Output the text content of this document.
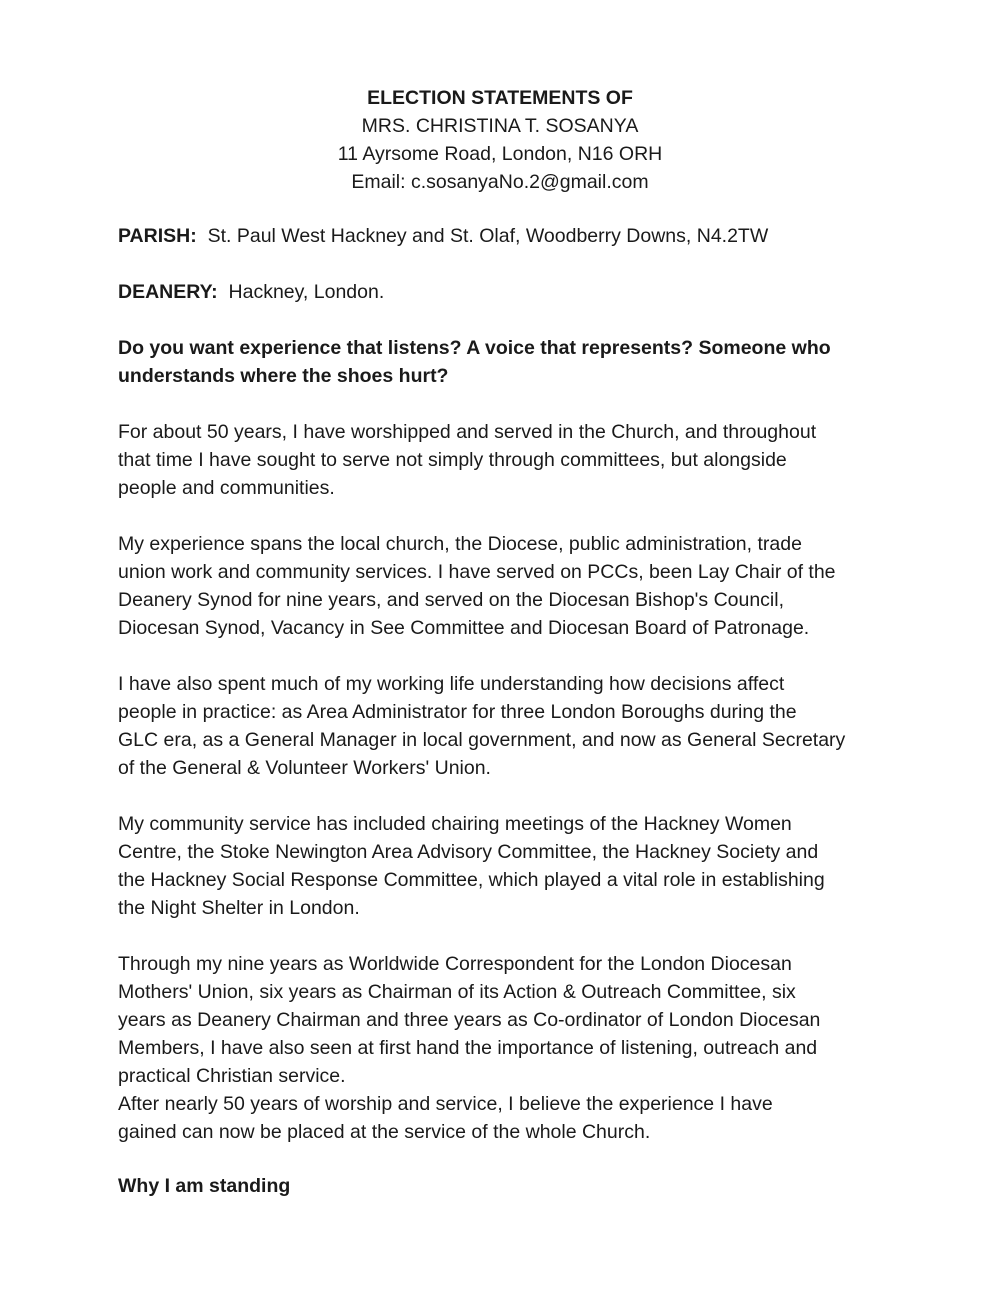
ELECTION STATEMENTS OF
MRS. CHRISTINA T. SOSANYA
11 Ayrsome Road, London, N16 ORH
Email: c.sosanyaNo.2@gmail.com

PARISH: St. Paul West Hackney and St. Olaf, Woodberry Downs, N4.2TW

DEANERY: Hackney, London.

Do you want experience that listens? A voice that represents? Someone who

understands where the shoes hurt?

For about 50 years, I have worshipped and served in the Church, and throughout

that time I have sought to serve not simply through committees, but alongside

people and communities.

My experience spans the local church, the Diocese, public administration, trade

union work and community services. I have served on PCCs, been Lay Chair of the

Deanery Synod for nine years, and served on the Diocesan Bishop's Council,

Diocesan Synod, Vacancy in See Committee and Diocesan Board of Patronage.

I have also spent much of my working life understanding how decisions affect

people in practice: as Area Administrator for three London Boroughs during the

GLC era, as a General Manager in local government, and now as General Secretary

of the General & Volunteer Workers' Union.

My community service has included chairing meetings of the Hackney Women

Centre, the Stoke Newington Area Advisory Committee, the Hackney Society and

the Hackney Social Response Committee, which played a vital role in establishing

the Night Shelter in London.

Through my nine years as Worldwide Correspondent for the London Diocesan

Mothers' Union, six years as Chairman of its Action & Outreach Committee, six

years as Deanery Chairman and three years as Co-ordinator of London Diocesan

Members, I have also seen at first hand the importance of listening, outreach and

practical Christian service.

After nearly 50 years of worship and service, I believe the experience I have

gained can now be placed at the service of the whole Church.

Why I am standing
